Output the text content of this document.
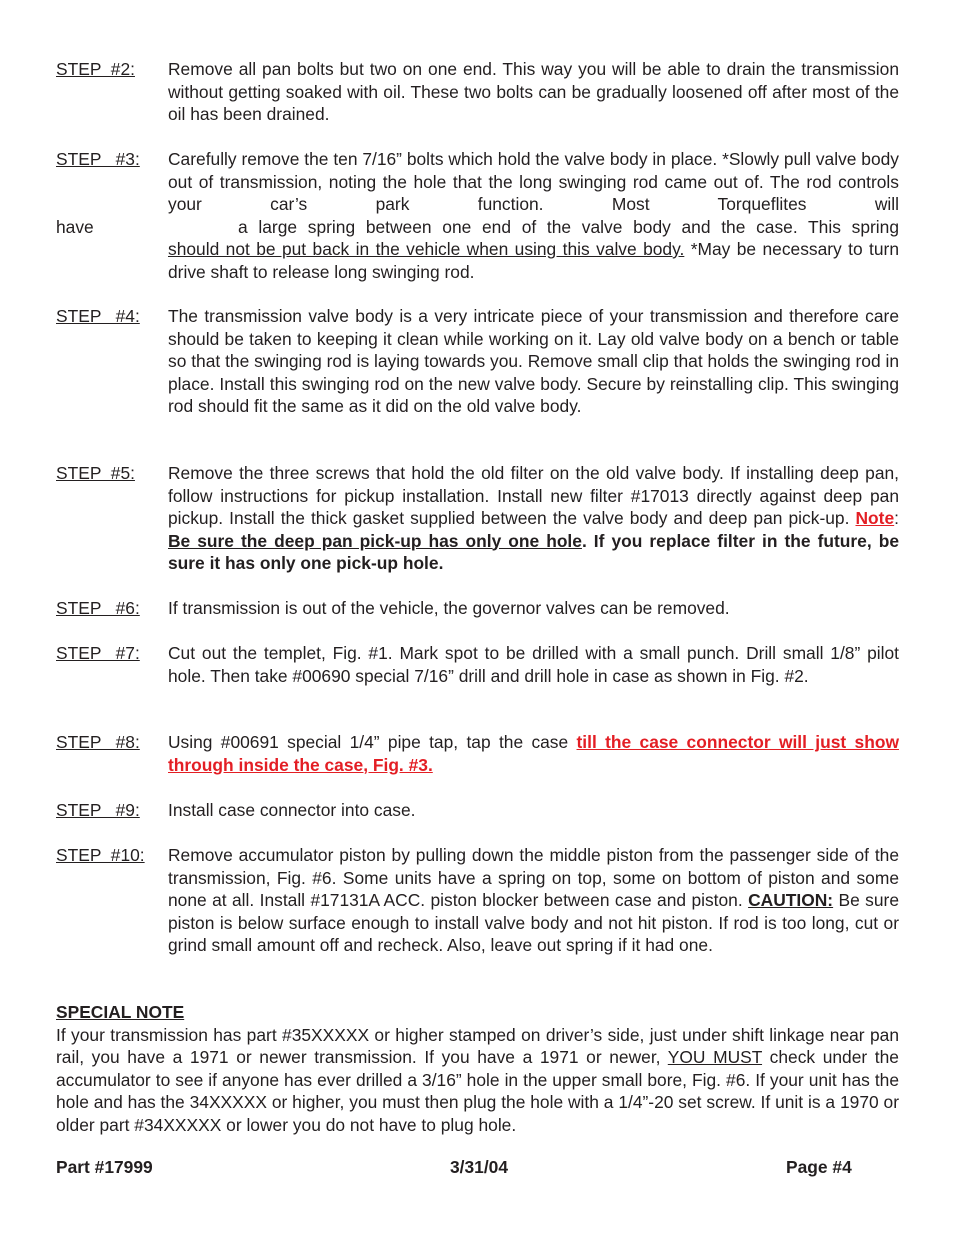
STEP  #2: Remove all pan bolts but two on one end. This way you will be able to drain the transmission without getting soaked with oil. These two bolts can be gradually loosened off after most of the oil has been drained.
STEP   #3: Carefully remove the ten 7/16” bolts which hold the valve body in place. *Slowly pull valve body out of transmission, noting the hole that the long swinging rod came out of. The rod controls your car’s park function. Most Torqueflites will
have	a large spring between one end of the valve body and the case. This spring
should not be put back in the vehicle when using this valve body. *May be necessary to turn drive shaft to release long swinging rod.
STEP   #4: The transmission valve body is a very intricate piece of your transmission and therefore care should be taken to keeping it clean while working on it. Lay old valve body on a bench or table so that the swinging rod is laying towards you. Remove small clip that holds the swinging rod in place. Install this swinging rod on the new valve body. Secure by reinstalling clip. This swinging rod should fit the same as it did on the old valve body.
STEP  #5: Remove the three screws that hold the old filter on the old valve body. If installing deep pan, follow instructions for pickup installation. Install new filter #17013 directly against deep pan pickup. Install the thick gasket supplied between the valve body and deep pan pick-up. Note: Be sure the deep pan pick-up has only one hole. If you replace filter in the future, be sure it has only one pick-up hole.
STEP   #6: If transmission is out of the vehicle, the governor valves can be removed.
STEP   #7: Cut out the templet, Fig. #1. Mark spot to be drilled with a small punch. Drill small 1/8” pilot hole. Then take #00690 special 7/16” drill and drill hole in case as shown in Fig. #2.
STEP   #8: Using #00691 special 1/4” pipe tap, tap the case till the case connector will just show through inside the case, Fig. #3.
STEP   #9: Install case connector into case.
STEP  #10: Remove accumulator piston by pulling down the middle piston from the passenger side of the transmission, Fig. #6. Some units have a spring on top, some on bottom of piston and some none at all. Install #17131A ACC. piston blocker between case and piston. CAUTION: Be sure piston is below surface enough to install valve body and not hit piston. If rod is too long, cut or grind small amount off and recheck. Also, leave out spring if it had one.
SPECIAL NOTE
If your transmission has part #35XXXXX or higher stamped on driver’s side, just under shift linkage near pan rail, you have a 1971 or newer transmission. If you have a 1971 or newer, YOU MUST check under the accumulator to see if anyone has ever drilled a 3/16” hole in the upper small bore, Fig. #6. If your unit has the hole and has the 34XXXXX or higher, you must then plug the hole with a 1/4”-20 set screw. If unit is a 1970 or older part #34XXXXX or lower you do not have to plug hole.
Part #17999	3/31/04	Page #4
